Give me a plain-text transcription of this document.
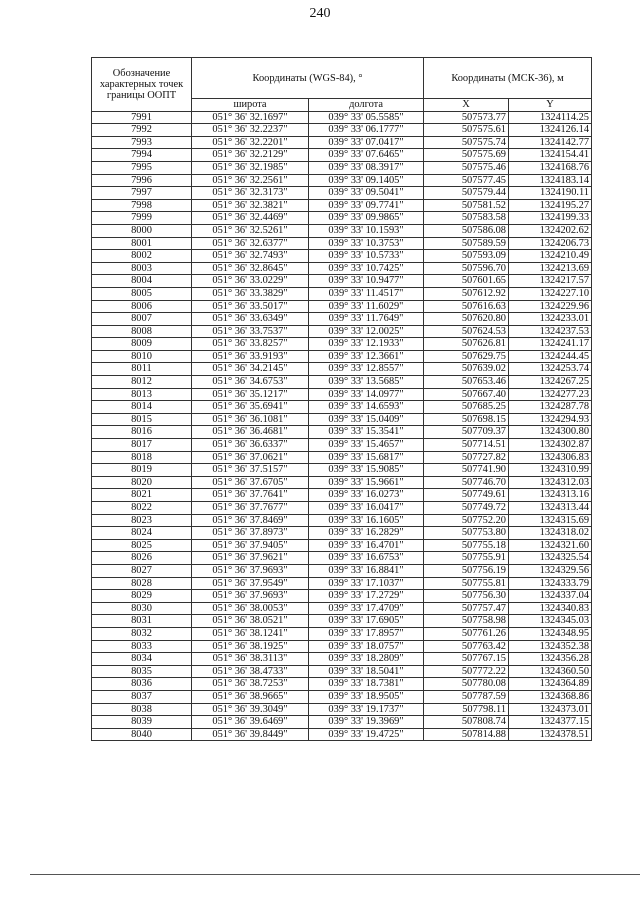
240
Обозначение характерных точек границы ООПТ	Координаты (WGS-84), °		Координаты (МСК-36), м	
	широта	долгота	X	Y
7991	051° 36' 32.1697"	039° 33' 05.5585"	507573.77	1324114.25
7992	051° 36' 32.2237"	039° 33' 06.1777"	507575.61	1324126.14
7993	051° 36' 32.2201"	039° 33' 07.0417"	507575.74	1324142.77
7994	051° 36' 32.2129"	039° 33' 07.6465"	507575.69	1324154.41
7995	051° 36' 32.1985"	039° 33' 08.3917"	507575.46	1324168.76
7996	051° 36' 32.2561"	039° 33' 09.1405"	507577.45	1324183.14
7997	051° 36' 32.3173"	039° 33' 09.5041"	507579.44	1324190.11
7998	051° 36' 32.3821"	039° 33' 09.7741"	507581.52	1324195.27
7999	051° 36' 32.4469"	039° 33' 09.9865"	507583.58	1324199.33
8000	051° 36' 32.5261"	039° 33' 10.1593"	507586.08	1324202.62
8001	051° 36' 32.6377"	039° 33' 10.3753"	507589.59	1324206.73
8002	051° 36' 32.7493"	039° 33' 10.5733"	507593.09	1324210.49
8003	051° 36' 32.8645"	039° 33' 10.7425"	507596.70	1324213.69
8004	051° 36' 33.0229"	039° 33' 10.9477"	507601.65	1324217.57
8005	051° 36' 33.3829"	039° 33' 11.4517"	507612.92	1324227.10
8006	051° 36' 33.5017"	039° 33' 11.6029"	507616.63	1324229.96
8007	051° 36' 33.6349"	039° 33' 11.7649"	507620.80	1324233.01
8008	051° 36' 33.7537"	039° 33' 12.0025"	507624.53	1324237.53
8009	051° 36' 33.8257"	039° 33' 12.1933"	507626.81	1324241.17
8010	051° 36' 33.9193"	039° 33' 12.3661"	507629.75	1324244.45
8011	051° 36' 34.2145"	039° 33' 12.8557"	507639.02	1324253.74
8012	051° 36' 34.6753"	039° 33' 13.5685"	507653.46	1324267.25
8013	051° 36' 35.1217"	039° 33' 14.0977"	507667.40	1324277.23
8014	051° 36' 35.6941"	039° 33' 14.6593"	507685.25	1324287.78
8015	051° 36' 36.1081"	039° 33' 15.0409"	507698.15	1324294.93
8016	051° 36' 36.4681"	039° 33' 15.3541"	507709.37	1324300.80
8017	051° 36' 36.6337"	039° 33' 15.4657"	507714.51	1324302.87
8018	051° 36' 37.0621"	039° 33' 15.6817"	507727.82	1324306.83
8019	051° 36' 37.5157"	039° 33' 15.9085"	507741.90	1324310.99
8020	051° 36' 37.6705"	039° 33' 15.9661"	507746.70	1324312.03
8021	051° 36' 37.7641"	039° 33' 16.0273"	507749.61	1324313.16
8022	051° 36' 37.7677"	039° 33' 16.0417"	507749.72	1324313.44
8023	051° 36' 37.8469"	039° 33' 16.1605"	507752.20	1324315.69
8024	051° 36' 37.8973"	039° 33' 16.2829"	507753.80	1324318.02
8025	051° 36' 37.9405"	039° 33' 16.4701"	507755.18	1324321.60
8026	051° 36' 37.9621"	039° 33' 16.6753"	507755.91	1324325.54
8027	051° 36' 37.9693"	039° 33' 16.8841"	507756.19	1324329.56
8028	051° 36' 37.9549"	039° 33' 17.1037"	507755.81	1324333.79
8029	051° 36' 37.9693"	039° 33' 17.2729"	507756.30	1324337.04
8030	051° 36' 38.0053"	039° 33' 17.4709"	507757.47	1324340.83
8031	051° 36' 38.0521"	039° 33' 17.6905"	507758.98	1324345.03
8032	051° 36' 38.1241"	039° 33' 17.8957"	507761.26	1324348.95
8033	051° 36' 38.1925"	039° 33' 18.0757"	507763.42	1324352.38
8034	051° 36' 38.3113"	039° 33' 18.2809"	507767.15	1324356.28
8035	051° 36' 38.4733"	039° 33' 18.5041"	507772.22	1324360.50
8036	051° 36' 38.7253"	039° 33' 18.7381"	507780.08	1324364.89
8037	051° 36' 38.9665"	039° 33' 18.9505"	507787.59	1324368.86
8038	051° 36' 39.3049"	039° 33' 19.1737"	507798.11	1324373.01
8039	051° 36' 39.6469"	039° 33' 19.3969"	507808.74	1324377.15
8040	051° 36' 39.8449"	039° 33' 19.4725"	507814.88	1324378.51
